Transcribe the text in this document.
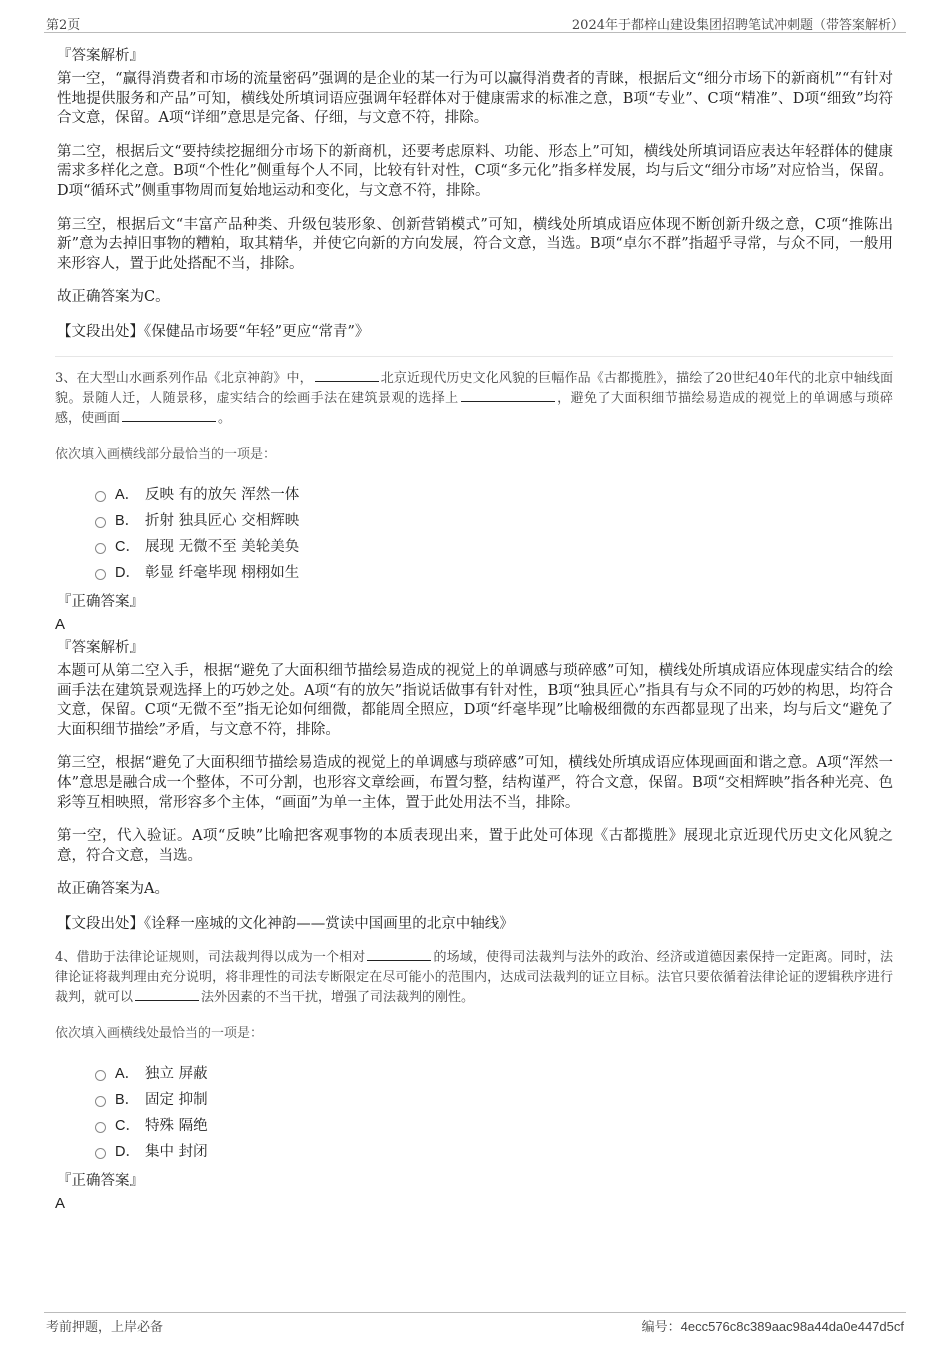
第2页	2024年于都梓山建设集团招聘笔试冲刺题（带答案解析）
『答案解析』

第一空，“赢得消费者和市场的流量密码”强调的是企业的某一行为可以赢得消费者的青睐，根据后文“细分市场下的新商机”“有针对性地提供服务和产品”可知，横线处所填词语应强调年轻群体对于健康需求的标准之意，B项“专业”、C项“精准”、D项“细致”均符合文意，保留。A项“详细”意思是完备、仔细，与文意不符，排除。

第二空，根据后文“要持续挖掘细分市场下的新商机，还要考虑原料、功能、形态上”可知，横线处所填词语应表达年轻群体的健康需求多样化之意。B项“个性化”侧重每个人不同，比较有针对性，C项“多元化”指多样发展，均与后文“细分市场”对应恰当，保留。D项“循环式”侧重事物周而复始地运动和变化，与文意不符，排除。

第三空，根据后文“丰富产品种类、升级包装形象、创新营销模式”可知，横线处所填成语应体现不断创新升级之意，C项“推陈出新”意为去掉旧事物的糟粕，取其精华，并使它向新的方向发展，符合文意，当选。B项“卓尔不群”指超乎寻常，与众不同，一般用来形容人，置于此处搭配不当，排除。

故正确答案为C。

【文段出处】《保健品市场要“年轻”更应“常青”》
3、在大型山水画系列作品《北京神韵》中，	北京近现代历史文化风貌的巨幅作品《古都揽胜》，描绘了20世纪40年代的北京中轴线面貌。景随人迁，人随景移，虚实结合的绘画手法在建筑景观的选择上	，避免了大面积细节描绘易造成的视觉上的单调感与琐碎感，使画面	。
依次填入画横线部分最恰当的一项是：
A． 反映 有的放矢 浑然一体
B． 折射 独具匠心 交相辉映
C． 展现 无微不至 美轮美奂
D． 彰显 纤毫毕现 栩栩如生
『正确答案』
A
『答案解析』

本题可从第二空入手，根据“避免了大面积细节描绘易造成的视觉上的单调感与琐碎感”可知，横线处所填成语应体现虚实结合的绘画手法在建筑景观选择上的巧妙之处。A项“有的放矢”指说话做事有针对性，B项“独具匠心”指具有与众不同的巧妙的构思，均符合文意，保留。C项“无微不至”指无论如何细微，都能周全照应，D项“纤毫毕现”比喻极细微的东西都显现了出来，均与后文“避免了大面积细节描绘”矛盾，与文意不符，排除。

第三空，根据“避免了大面积细节描绘易造成的视觉上的单调感与琐碎感”可知，横线处所填成语应体现画面和谐之意。A项“浑然一体”意思是融合成一个整体，不可分割，也形容文章绘画，布置匀整，结构谨严，符合文意，保留。B项“交相辉映”指各种光亮、色彩等互相映照，常形容多个主体，“画面”为单一主体，置于此处用法不当，排除。

第一空，代入验证。A项“反映”比喻把客观事物的本质表现出来，置于此处可体现《古都揽胜》展现北京近现代历史文化风貌之意，符合文意，当选。

故正确答案为A。

【文段出处】《诠释一座城的文化神韵——赏读中国画里的北京中轴线》
4、借助于法律论证规则，司法裁判得以成为一个相对	的场域，使得司法裁判与法外的政治、经济或道德因素保持一定距离。同时，法律论证将裁判理由充分说明，将非理性的司法专断限定在尽可能小的范围内，达成司法裁判的证立目标。法官只要依循着法律论证的逻辑秩序进行裁判，就可以	法外因素的不当干扰，增强了司法裁判的刚性。
依次填入画横线处最恰当的一项是：
A． 独立 屏蔽
B． 固定 抑制
C． 特殊 隔绝
D． 集中 封闭
『正确答案』
A
考前押题，上岸必备	编号：4ecc576c8c389aac98a44da0e447d5cf
